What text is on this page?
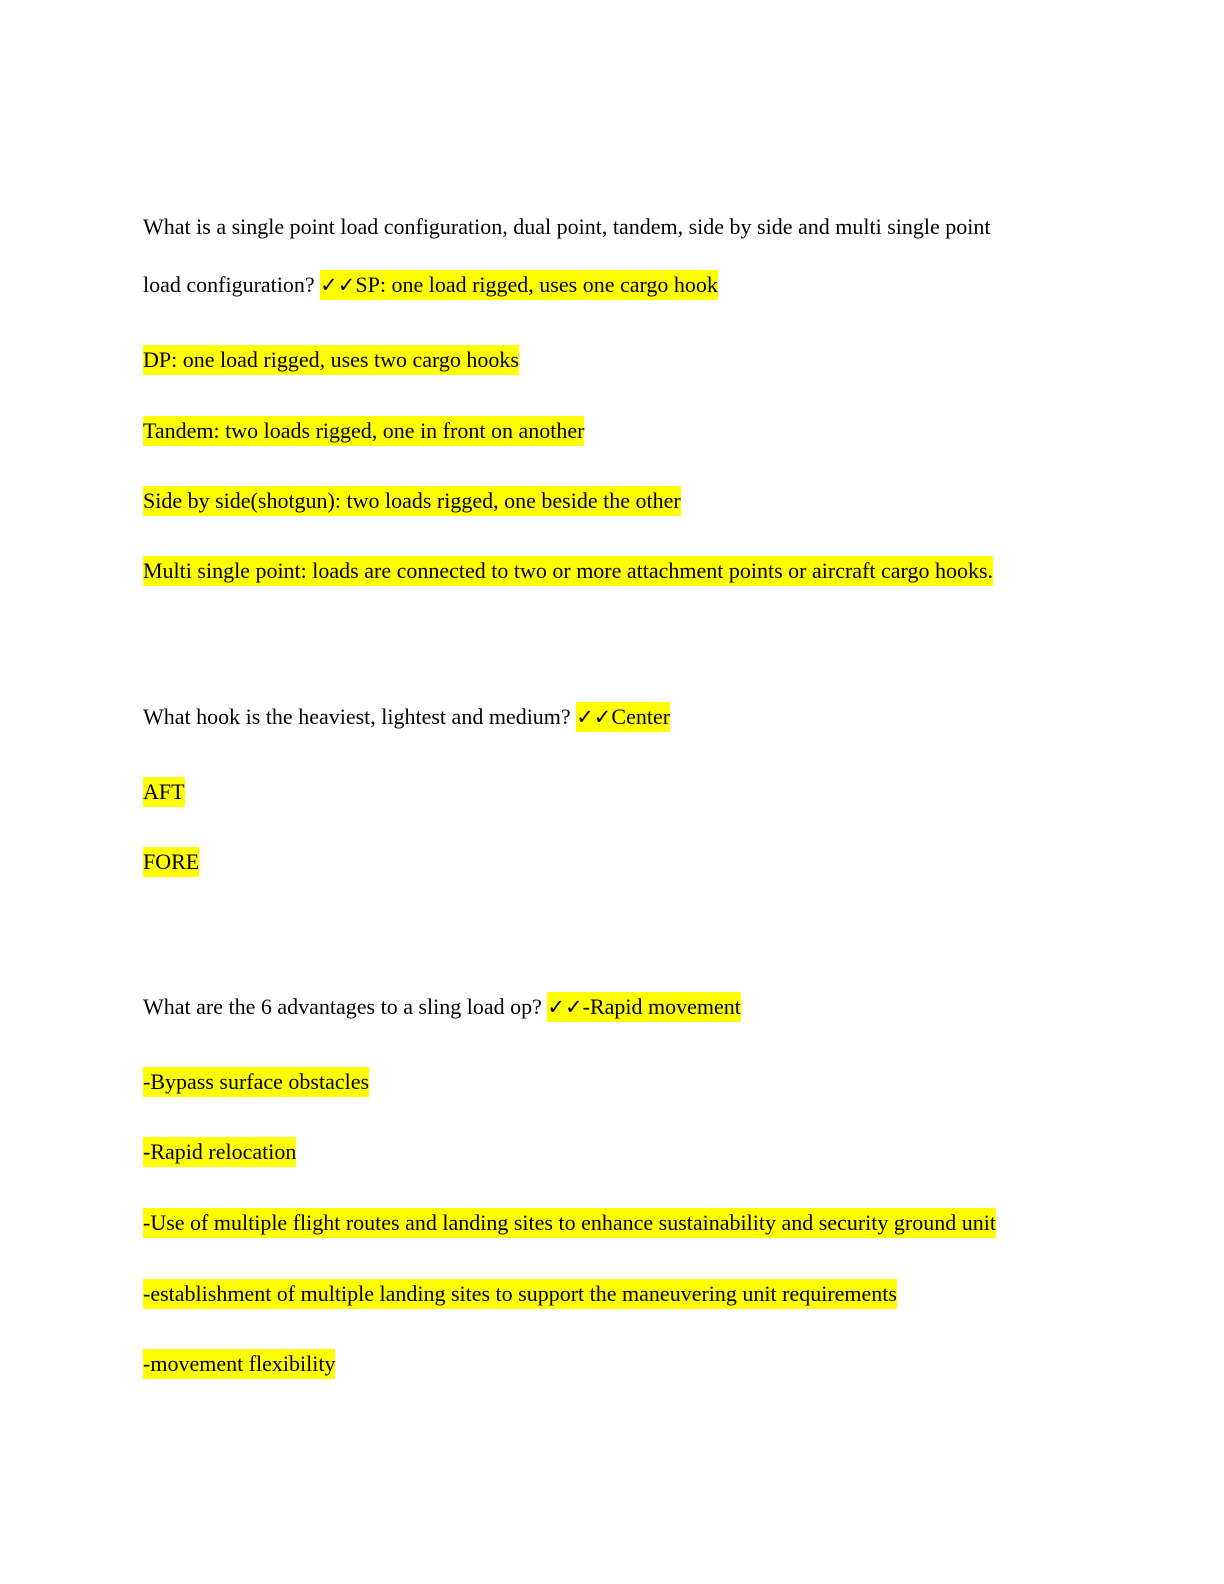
What is a single point load configuration, dual point, tandem, side by side and multi single point
load configuration? ✓✓SP: one load rigged, uses one cargo hook
DP: one load rigged, uses two cargo hooks
Tandem: two loads rigged, one in front on another
Side by side(shotgun): two loads rigged, one beside the other
Multi single point: loads are connected to two or more attachment points or aircraft cargo hooks.
What hook is the heaviest, lightest and medium? ✓✓Center
AFT
FORE
What are the 6 advantages to a sling load op? ✓✓-Rapid movement
-Bypass surface obstacles
-Rapid relocation
-Use of multiple flight routes and landing sites to enhance sustainability and security ground unit
-establishment of multiple landing sites to support the maneuvering unit requirements
-movement flexibility
